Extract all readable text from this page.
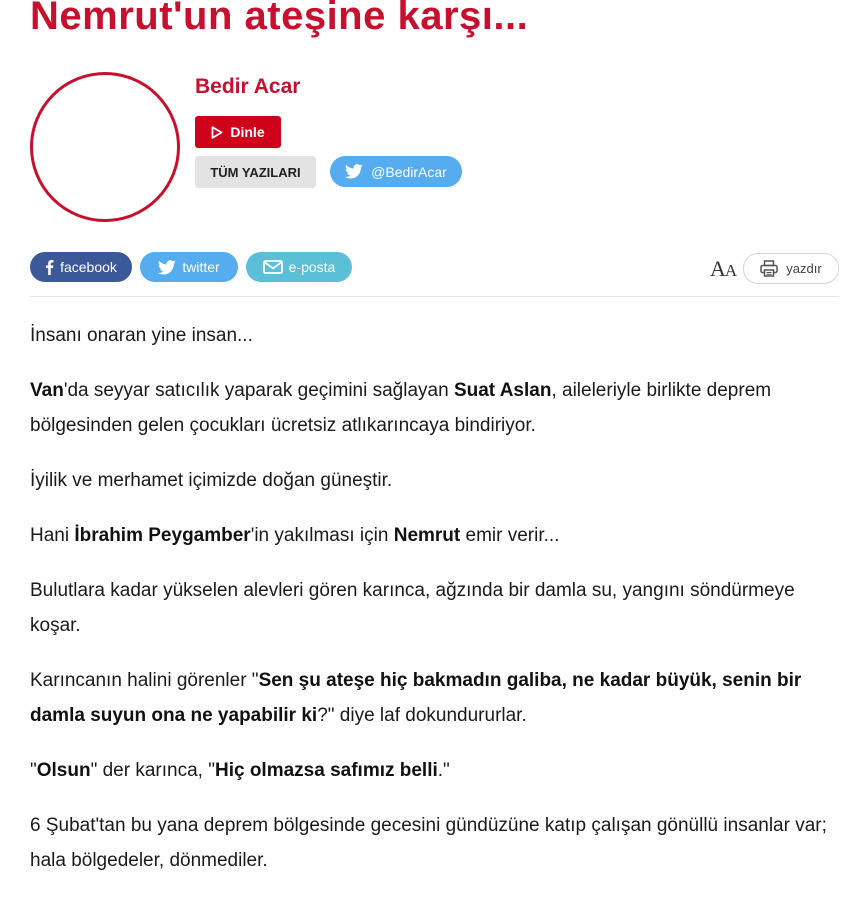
Nemrut'un ateşine karşı...
Bedir Acar
Dinle
TÜM YAZILARI	@BedirAcar
facebook	twitter	e-posta	AA	yazdır

İnsanı onaran yine insan...

Van'da seyyar satıcılık yaparak geçimini sağlayan Suat Aslan, aileleriyle birlikte deprem bölgesinden gelen çocukları ücretsiz atlıkarıncaya bindiriyor.

İyilik ve merhamet içimizde doğan güneştir.

Hani İbrahim Peygamber'in yakılması için Nemrut emir verir...

Bulutlara kadar yükselen alevleri gören karınca, ağzında bir damla su, yangını söndürmeye koşar.

Karıncanın halini görenler "Sen şu ateşe hiç bakmadın galiba, ne kadar büyük, senin bir damla suyun ona ne yapabilir ki?" diye laf dokundururlar.

"Olsun" der karınca, "Hiç olmazsa safımız belli."

6 Şubat'tan bu yana deprem bölgesinde gecesini gündüzüne katıp çalışan gönüllü insanlar var; hala bölgedeler, dönmediler.
